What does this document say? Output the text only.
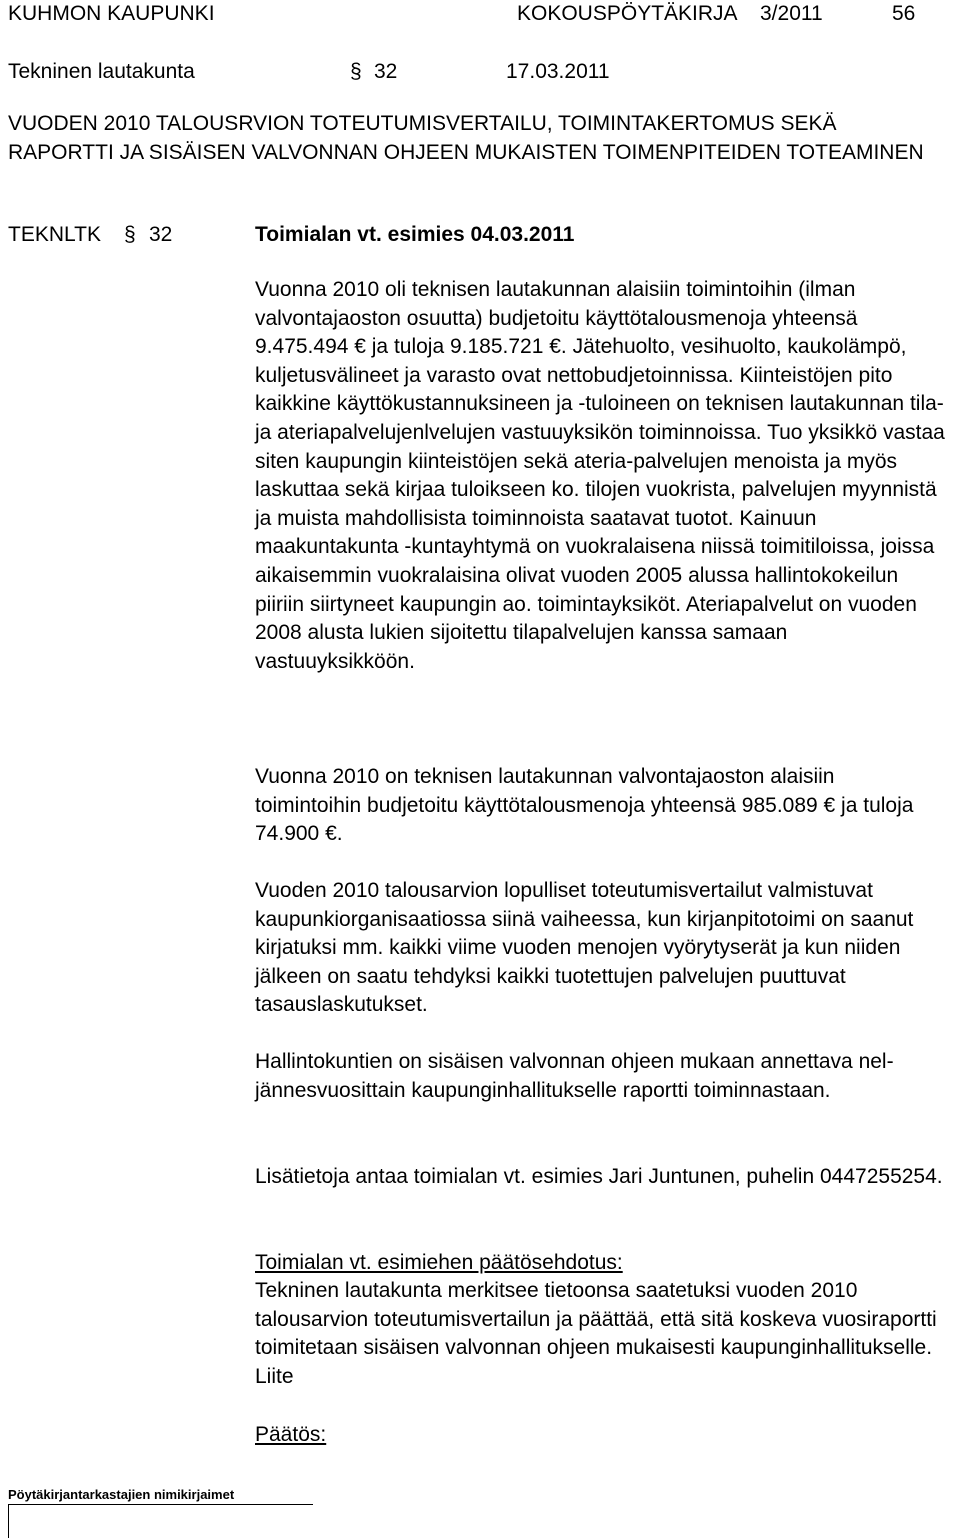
KUHMON KAUPUNKI	KOKOUSPÖYTÄKIRJA 3/2011	56
Tekninen lautakunta	§ 32	17.03.2011
VUODEN 2010 TALOUSRVION TOTEUTUMISVERTAILU, TOIMINTAKERTOMUS SEKÄ RAPORTTI JA SISÄISEN VALVONNAN OHJEEN MUKAISTEN TOIMENPITEIDEN TOTEAMINEN
TEKNLTK § 32	Toimialan vt. esimies 04.03.2011
Vuonna 2010 oli teknisen lautakunnan alaisiin toimintoihin (ilman valvontajaoston osuutta) budjetoitu käyttötalousmenoja yhteensä 9.475.494 € ja tuloja 9.185.721 €. Jätehuolto, vesihuolto, kaukolämpö, kuljetusvälineet ja varasto ovat nettobudjetoinnissa. Kiinteistöjen pito kaikkine käyttökustannuksineen ja -tuloineen on teknisen lautakunnan tila- ja ateriapalvelujenlvelujen vastuuyksikön toiminnoissa. Tuo yksikkö vastaa siten kaupungin kiinteistöjen sekä ateria-palvelujen menoista ja myös laskuttaa sekä kirjaa tuloikseen ko. tilojen vuokrista, palvelujen myynnistä ja muista mahdollisista toiminnoista saatavat tuotot. Kainuun maakuntakunta -kuntayhtymä on vuokralaisena niissä toimitiloissa, joissa aikaisemmin vuokralaisina olivat vuoden 2005 alussa hallintokokeilun piiriin siirtyneet kaupungin ao. toimintayksiköt. Ateriapalvelut on vuoden 2008 alusta lukien sijoitettu tilapalvelujen kanssa samaan vastuuyksikköön.
Vuonna 2010 on teknisen lautakunnan valvontajaoston alaisiin toimintoihin budjetoitu käyttötalousmenoja yhteensä 985.089 € ja tuloja 74.900 €.
Vuoden 2010 talousarvion lopulliset toteutumisvertailut valmistuvat kaupunkiorganisaatiossa siinä vaiheessa, kun kirjanpitotoimi on saanut kirjatuksi mm. kaikki viime vuoden menojen vyörytyserät ja kun niiden jälkeen on saatu tehdyksi kaikki tuotettujen palvelujen puuttuvat tasauslaskutukset.
Hallintokuntien on sisäisen valvonnan ohjeen mukaan annettava nel-jännesvuosittain kaupunginhallitukselle raportti toiminnastaan.
Lisätietoja antaa toimialan vt. esimies Jari Juntunen, puhelin 0447255254.
Toimialan vt. esimiehen päätösehdotus:
Tekninen lautakunta merkitsee tietoonsa saatetuksi vuoden 2010 talousarvion toteutumisvertailun ja päättää, että sitä koskeva vuosiraportti toimitetaan sisäisen valvonnan ohjeen mukaisesti kaupunginhallitukselle. Liite
Päätös:
Pöytäkirjantarkastajien nimikirjaimet
